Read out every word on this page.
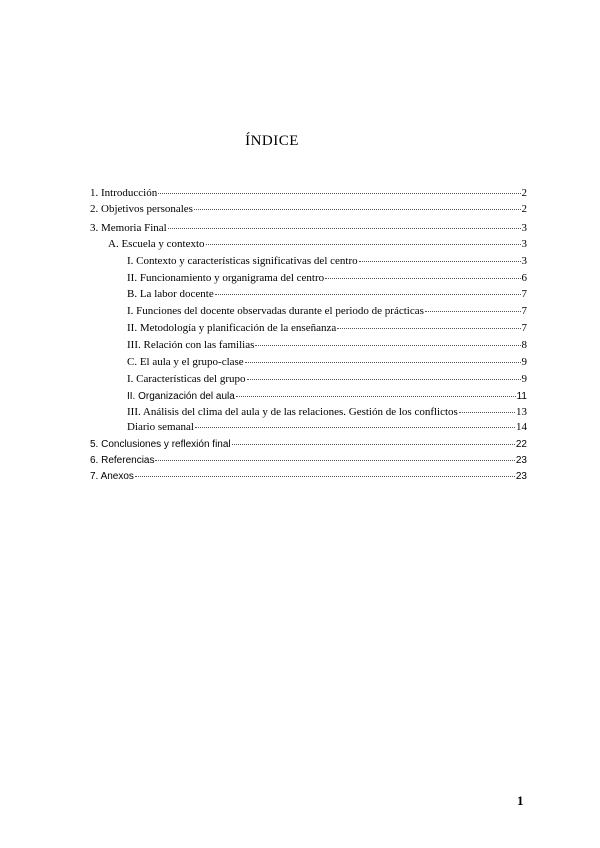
ÍNDICE
1. Introducción	2
2. Objetivos personales	2
3. Memoria Final	3
A. Escuela y contexto	3
I. Contexto y características significativas del centro	3
II. Funcionamiento y organigrama del centro	6
B. La labor docente	7
I. Funciones del docente observadas durante el periodo de prácticas	7
II. Metodología y planificación de la enseñanza	7
III. Relación con las familias	8
C. El aula y el grupo-clase	9
I. Características del grupo	9
II. Organización del aula	11
III. Análisis del clima del aula y de las relaciones. Gestión de los conflictos	13
Diario semanal	14
5. Conclusiones y reflexión final	22
6. Referencias	23
7. Anexos	23
1
